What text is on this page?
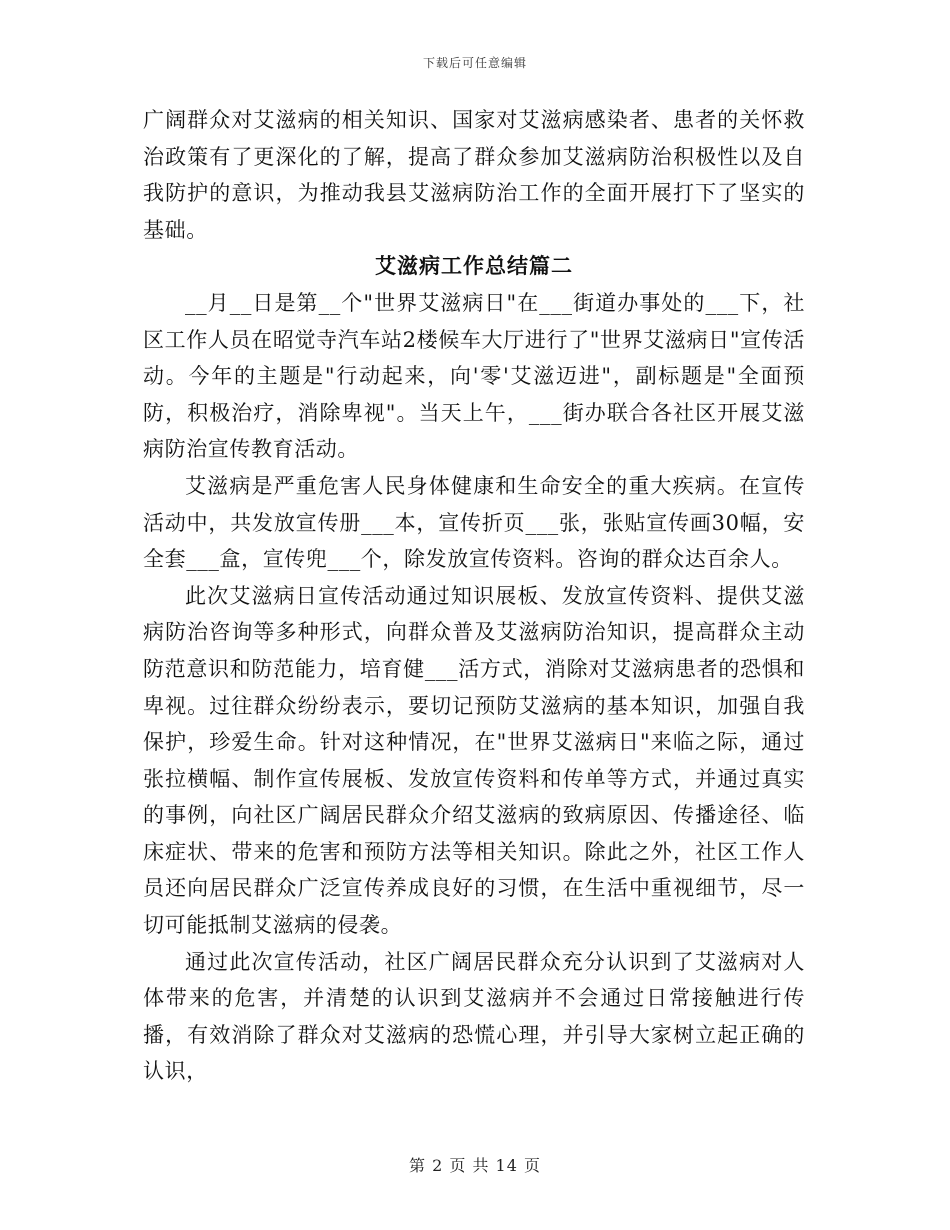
下载后可任意编辑

广阔群众对艾滋病的相关知识、国家对艾滋病感染者、患者的关怀救治政策有了更深化的了解，提高了群众参加艾滋病防治积极性以及自我防护的意识，为推动我县艾滋病防治工作的全面开展打下了坚实的基础。

艾滋病工作总结篇二

__月__日是第__个"世界艾滋病日"在___街道办事处的___下，社区工作人员在昭觉寺汽车站2楼候车大厅进行了"世界艾滋病日"宣传活动。今年的主题是"行动起来，向'零'艾滋迈进"，副标题是"全面预防，积极治疗，消除卑视"。当天上午，___街办联合各社区开展艾滋病防治宣传教育活动。

艾滋病是严重危害人民身体健康和生命安全的重大疾病。在宣传活动中，共发放宣传册___本，宣传折页___张，张贴宣传画30幅，安全套___盒，宣传兜___个，除发放宣传资料。咨询的群众达百余人。

此次艾滋病日宣传活动通过知识展板、发放宣传资料、提供艾滋病防治咨询等多种形式，向群众普及艾滋病防治知识，提高群众主动防范意识和防范能力，培育健___活方式，消除对艾滋病患者的恐惧和卑视。过往群众纷纷表示，要切记预防艾滋病的基本知识，加强自我保护，珍爱生命。针对这种情况，在"世界艾滋病日"来临之际，通过张拉横幅、制作宣传展板、发放宣传资料和传单等方式，并通过真实的事例，向社区广阔居民群众介绍艾滋病的致病原因、传播途径、临床症状、带来的危害和预防方法等相关知识。除此之外，社区工作人员还向居民群众广泛宣传养成良好的习惯，在生活中重视细节，尽一切可能抵制艾滋病的侵袭。

通过此次宣传活动，社区广阔居民群众充分认识到了艾滋病对人体带来的危害，并清楚的认识到艾滋病并不会通过日常接触进行传播，有效消除了群众对艾滋病的恐慌心理，并引导大家树立起正确的认识，

第 2 页 共 14 页
